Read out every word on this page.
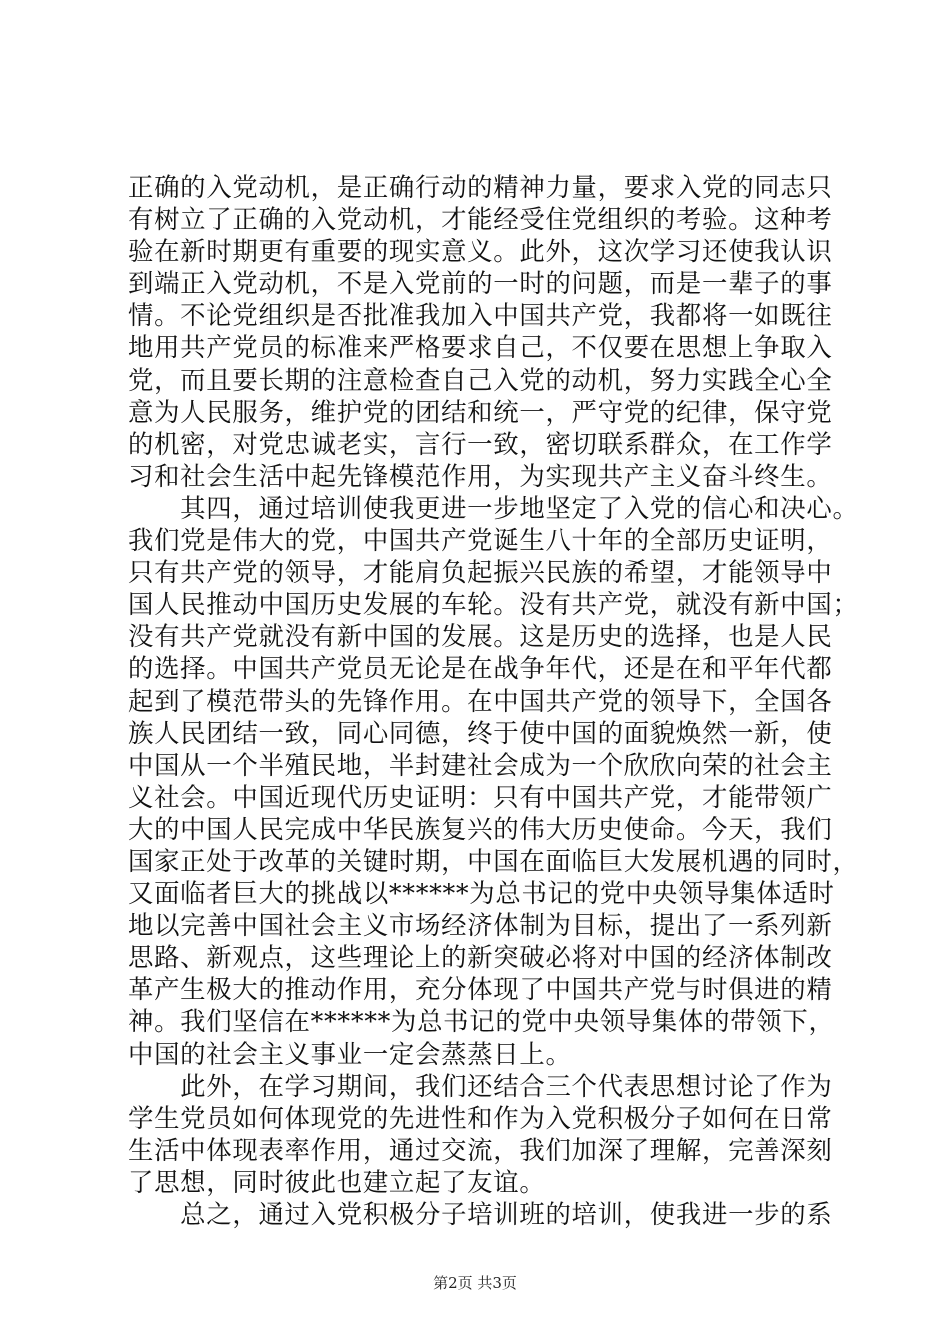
正确的入党动机，是正确行动的精神力量，要求入党的同志只
有树立了正确的入党动机，才能经受住党组织的考验。这种考
验在新时期更有重要的现实意义。此外，这次学习还使我认识
到端正入党动机，不是入党前的一时的问题，而是一辈子的事
情。不论党组织是否批准我加入中国共产党，我都将一如既往
地用共产党员的标准来严格要求自己，不仅要在思想上争取入
党，而且要长期的注意检查自己入党的动机，努力实践全心全
意为人民服务，维护党的团结和统一，严守党的纪律，保守党
的机密，对党忠诚老实，言行一致，密切联系群众，在工作学
习和社会生活中起先锋模范作用，为实现共产主义奋斗终生。
　　其四，通过培训使我更进一步地坚定了入党的信心和决心。
我们党是伟大的党，中国共产党诞生八十年的全部历史证明，
只有共产党的领导，才能肩负起振兴民族的希望，才能领导中
国人民推动中国历史发展的车轮。没有共产党，就没有新中国；
没有共产党就没有新中国的发展。这是历史的选择，也是人民
的选择。中国共产党员无论是在战争年代，还是在和平年代都
起到了模范带头的先锋作用。在中国共产党的领导下，全国各
族人民团结一致，同心同德，终于使中国的面貌焕然一新，使
中国从一个半殖民地，半封建社会成为一个欣欣向荣的社会主
义社会。中国近现代历史证明：只有中国共产党，才能带领广
大的中国人民完成中华民族复兴的伟大历史使命。今天，我们
国家正处于改革的关键时期，中国在面临巨大发展机遇的同时，
又面临者巨大的挑战以******为总书记的党中央领导集体适时
地以完善中国社会主义市场经济体制为目标，提出了一系列新
思路、新观点，这些理论上的新突破必将对中国的经济体制改
革产生极大的推动作用，充分体现了中国共产党与时俱进的精
神。我们坚信在******为总书记的党中央领导集体的带领下，
中国的社会主义事业一定会蒸蒸日上。
　　此外，在学习期间，我们还结合三个代表思想讨论了作为
学生党员如何体现党的先进性和作为入党积极分子如何在日常
生活中体现表率作用，通过交流，我们加深了理解，完善深刻
了思想，同时彼此也建立起了友谊。
　　总之，通过入党积极分子培训班的培训，使我进一步的系
第2页 共3页
